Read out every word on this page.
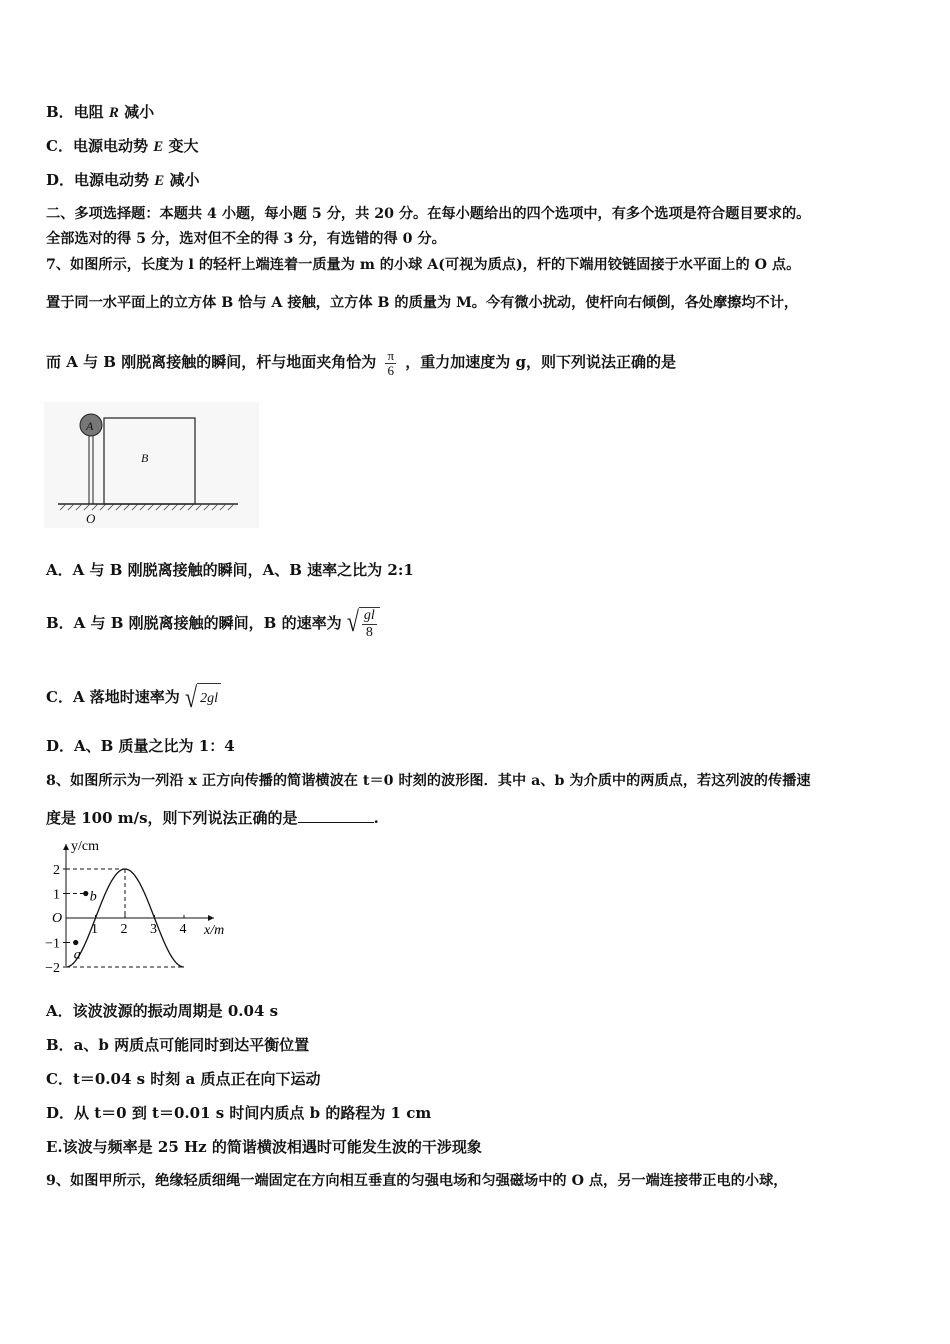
B．电阻 R 减小
C．电源电动势 E 变大
D．电源电动势 E 减小
二、多项选择题：本题共 4 小题，每小题 5 分，共 20 分。在每小题给出的四个选项中，有多个选项是符合题目要求的。
全部选对的得 5 分，选对但不全的得 3 分，有选错的得 0 分。
7、如图所示，长度为 l 的轻杆上端连着一质量为 m 的小球 A(可视为质点)，杆的下端用铰链固接于水平面上的 O 点。
置于同一水平面上的立方体 B 恰与 A 接触，立方体 B 的质量为 M。今有微小扰动，使杆向右倾倒，各处摩擦均不计，
而 A 与 B 刚脱离接触的瞬间，杆与地面夹角恰为 $\frac{\pi}{6}$ ，重力加速度为 g，则下列说法正确的是
A
B
O
A．A 与 B 刚脱离接触的瞬间，A、B 速率之比为 2:1
B．A 与 B 刚脱离接触的瞬间，B 的速率为 √ $\frac{gl}{8}$
C．A 落地时速率为 √ 2gl
D．A、B 质量之比为 1：4
8、如图所示为一列沿 x 正方向传播的简谐横波在 t＝0 时刻的波形图．其中 a、b 为介质中的两质点，若这列波的传播速
度是 100 m/s，则下列说法正确的是	.
y/cm
x/m
O
2
1
−1
−2
1 2 3 4
a
b
A．该波波源的振动周期是 0.04 s
B．a、b 两质点可能同时到达平衡位置
C．t＝0.04 s 时刻 a 质点正在向下运动
D．从 t＝0 到 t＝0.01 s 时间内质点 b 的路程为 1 cm
E.该波与频率是 25 Hz 的简谐横波相遇时可能发生波的干涉现象
9、如图甲所示，绝缘轻质细绳一端固定在方向相互垂直的匀强电场和匀强磁场中的 O 点，另一端连接带正电的小球，
